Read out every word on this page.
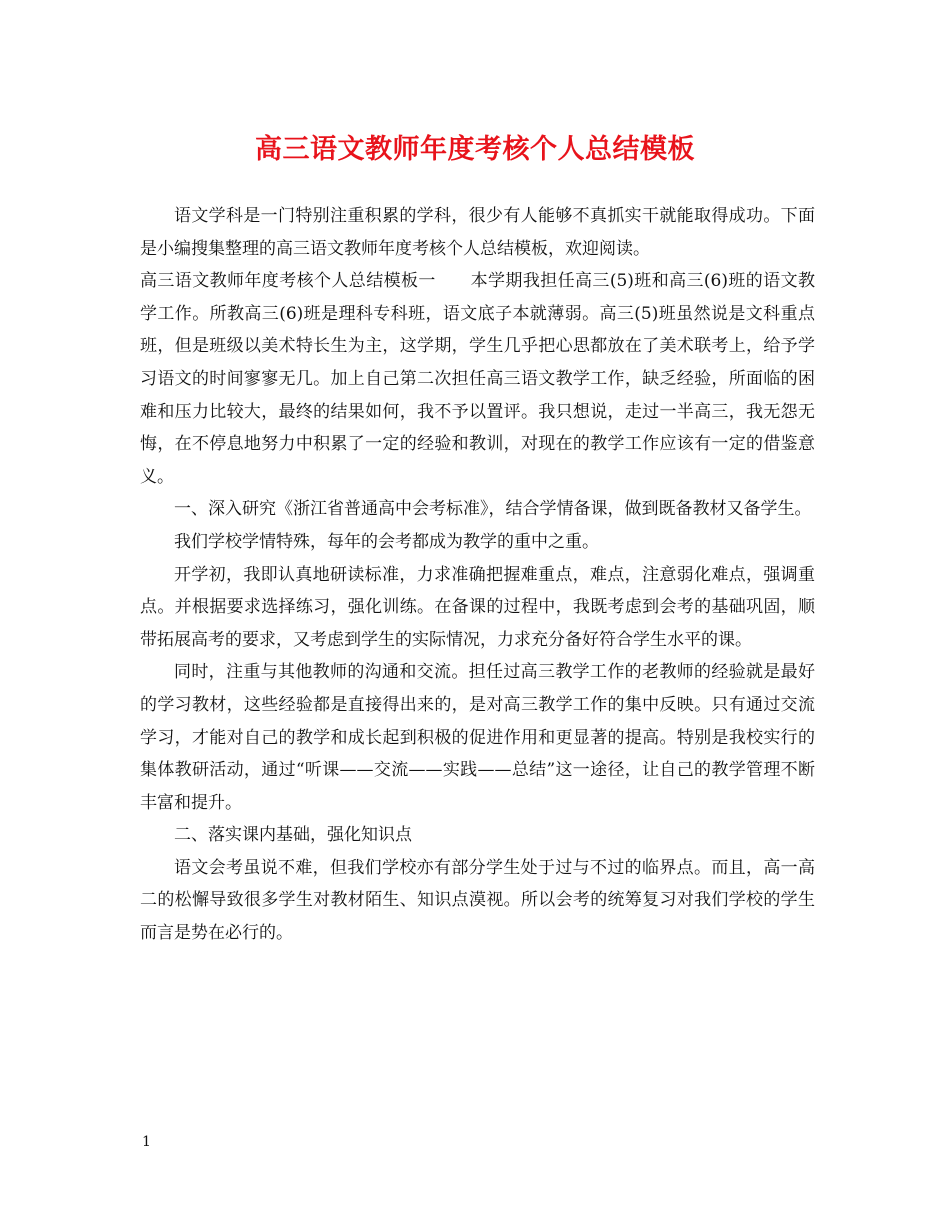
高三语文教师年度考核个人总结模板

语文学科是一门特别注重积累的学科，很少有人能够不真抓实干就能取得成功。下面是小编搜集整理的高三语文教师年度考核个人总结模板，欢迎阅读。

高三语文教师年度考核个人总结模板一　　本学期我担任高三(5)班和高三(6)班的语文教学工作。所教高三(6)班是理科专科班，语文底子本就薄弱。高三(5)班虽然说是文科重点班，但是班级以美术特长生为主，这学期，学生几乎把心思都放在了美术联考上，给予学习语文的时间寥寥无几。加上自己第二次担任高三语文教学工作，缺乏经验，所面临的困难和压力比较大，最终的结果如何，我不予以置评。我只想说，走过一半高三，我无怨无悔，在不停息地努力中积累了一定的经验和教训，对现在的教学工作应该有一定的借鉴意义。

一、深入研究《浙江省普通高中会考标准》，结合学情备课，做到既备教材又备学生。

我们学校学情特殊，每年的会考都成为教学的重中之重。

开学初，我即认真地研读标准，力求准确把握难重点，难点，注意弱化难点，强调重点。并根据要求选择练习，强化训练。在备课的过程中，我既考虑到会考的基础巩固，顺带拓展高考的要求，又考虑到学生的实际情况，力求充分备好符合学生水平的课。

同时，注重与其他教师的沟通和交流。担任过高三教学工作的老教师的经验就是最好的学习教材，这些经验都是直接得出来的，是对高三教学工作的集中反映。只有通过交流学习，才能对自己的教学和成长起到积极的促进作用和更显著的提高。特别是我校实行的集体教研活动，通过“听课——交流——实践——总结”这一途径，让自己的教学管理不断丰富和提升。

二、落实课内基础，强化知识点

语文会考虽说不难，但我们学校亦有部分学生处于过与不过的临界点。而且，高一高二的松懈导致很多学生对教材陌生、知识点漠视。所以会考的统筹复习对我们学校的学生而言是势在必行的。

1
